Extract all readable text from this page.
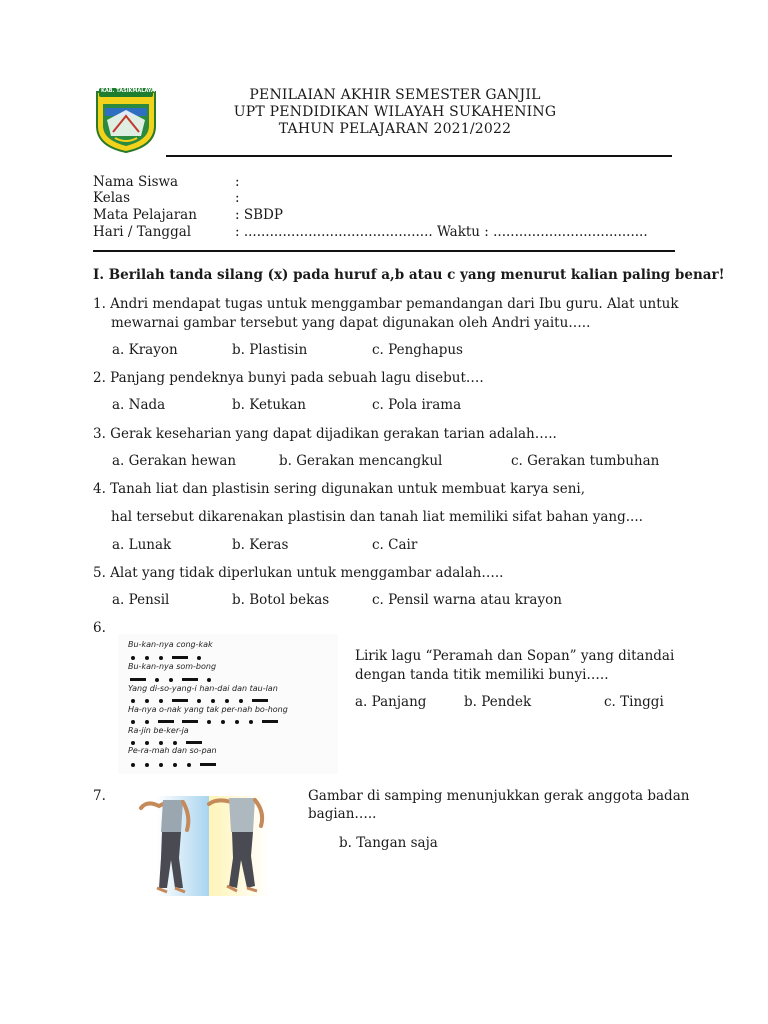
KAB. TASIKMALAYA	PENILAIAN AKHIR SEMESTER GANJIL
UPT PENDIDIKAN WILAYAH SUKAHENING
TAHUN PELAJARAN 2021/2022
Nama Siswa	:
Kelas	:
Mata Pelajaran	: SBDP
Hari / Tanggal	: ............................................ Waktu : ....................................
I. Berilah tanda silang (x) pada huruf a,b atau c yang menurut kalian paling benar!
1. Andri mendapat tugas untuk menggambar pemandangan dari Ibu guru. Alat untuk
mewarnai gambar tersebut yang dapat digunakan oleh Andri yaitu…..
a. Krayon	b. Plastisin	c. Penghapus
2. Panjang pendeknya bunyi pada sebuah lagu disebut….
a. Nada	b. Ketukan	c. Pola irama
3. Gerak keseharian yang dapat dijadikan gerakan tarian adalah…..
a. Gerakan hewan	b. Gerakan mencangkul	c. Gerakan tumbuhan
4. Tanah liat dan plastisin sering digunakan untuk membuat karya seni,
hal tersebut dikarenakan plastisin dan tanah liat memiliki sifat bahan yang....
a. Lunak	b. Keras	c. Cair
5. Alat yang tidak diperlukan untuk menggambar adalah…..
a. Pensil	b. Botol bekas	c. Pensil warna atau krayon
6.
Bu-kan-nya cong-kak
Bu-kan-nya som-bong
Yang di-so-yang-i han-dai dan tau-lan
Ha-nya o-nak yang tak per-nah bo-hong
Ra-jin be-ker-ja
Pe-ra-mah dan so-pan
Lirik lagu “Peramah dan Sopan” yang ditandai
dengan tanda titik memiliki bunyi…..
a. Panjang	b. Pendek	c. Tinggi
7.	Gambar di samping menunjukkan gerak anggota badan
bagian…..
b. Tangan saja
